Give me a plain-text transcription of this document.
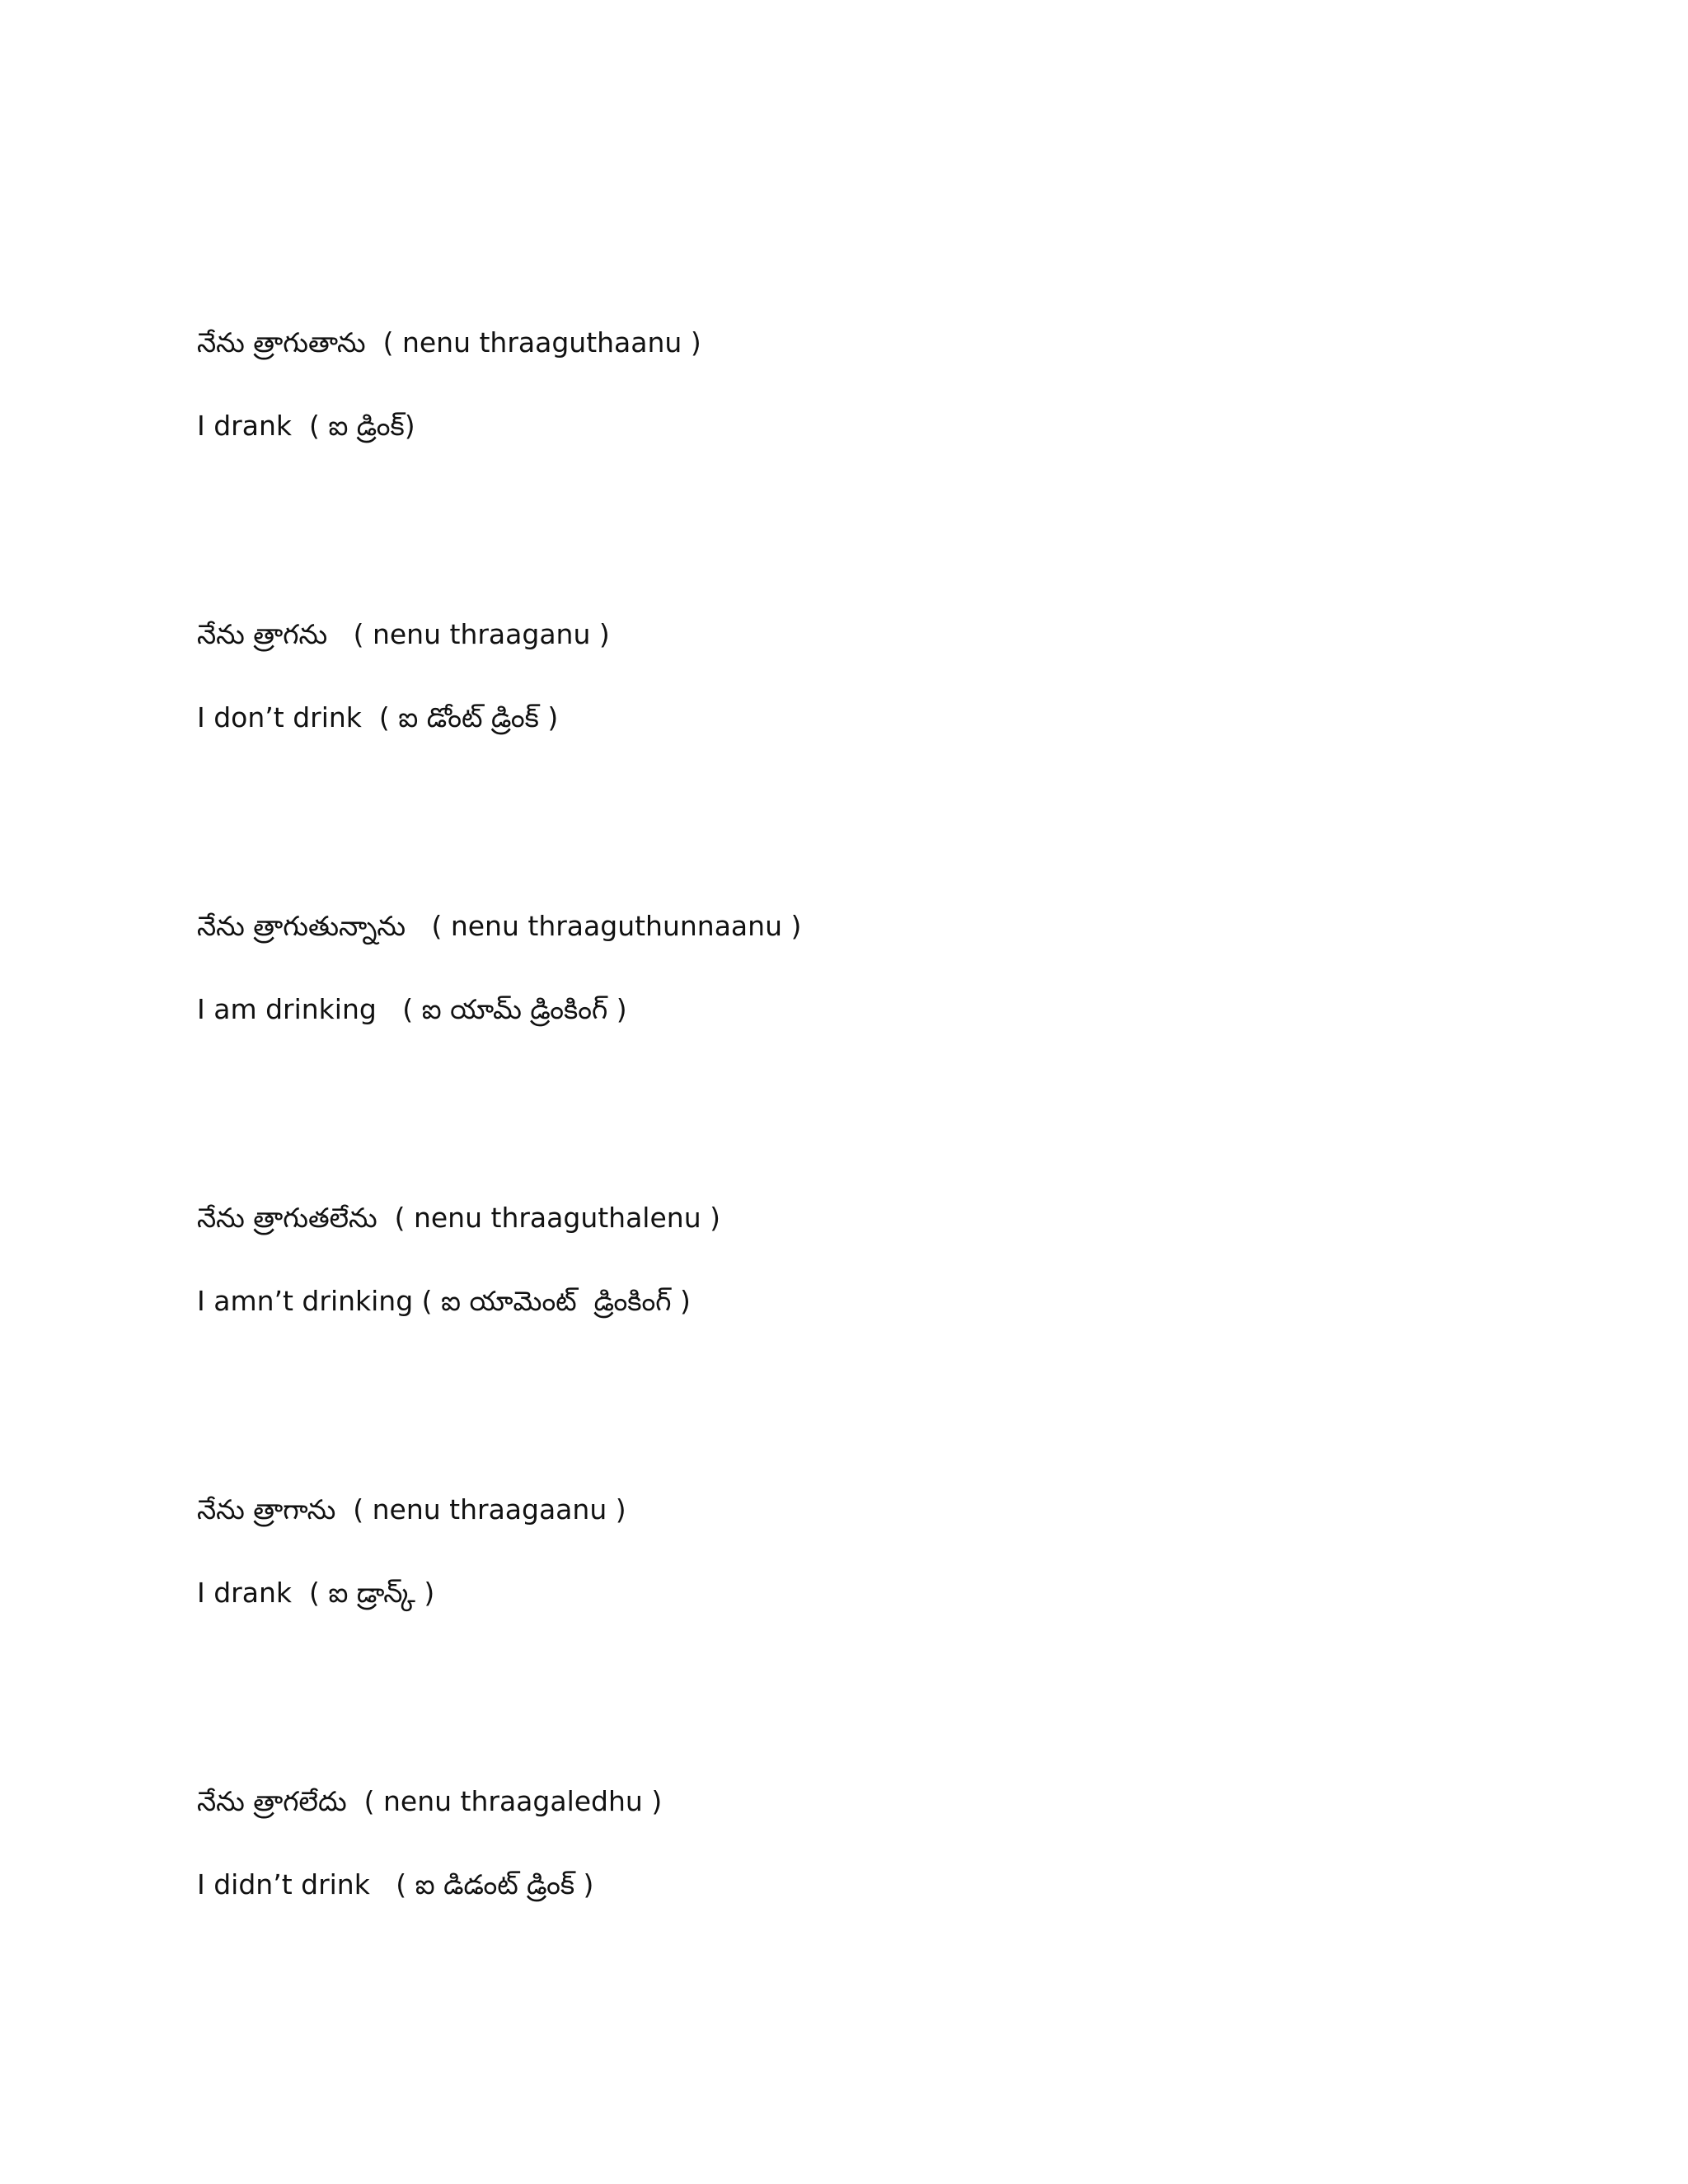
నేను త్రాగుతాను  ( nenu thraaguthaanu )
I drank  ( ఐ డ్రింక్)
నేను త్రాగను   ( nenu thraaganu )
I don’t drink  ( ఐ డోంట్ డ్రింక్ )
నేను త్రాగుతున్నాను   ( nenu thraaguthunnaanu )
I am drinking   ( ఐ యామ్ డ్రింకింగ్ )
నేను త్రాగుతలేను  ( nenu thraaguthalenu )
I amn’t drinking ( ఐ యామెంట్  డ్రింకింగ్ )
నేను త్రాగాను  ( nenu thraagaanu )
I drank  ( ఐ డ్రాన్క్ )
నేను త్రాగలేదు  ( nenu thraagaledhu )
I didn’t drink   ( ఐ డిడంట్ డ్రింక్ )
